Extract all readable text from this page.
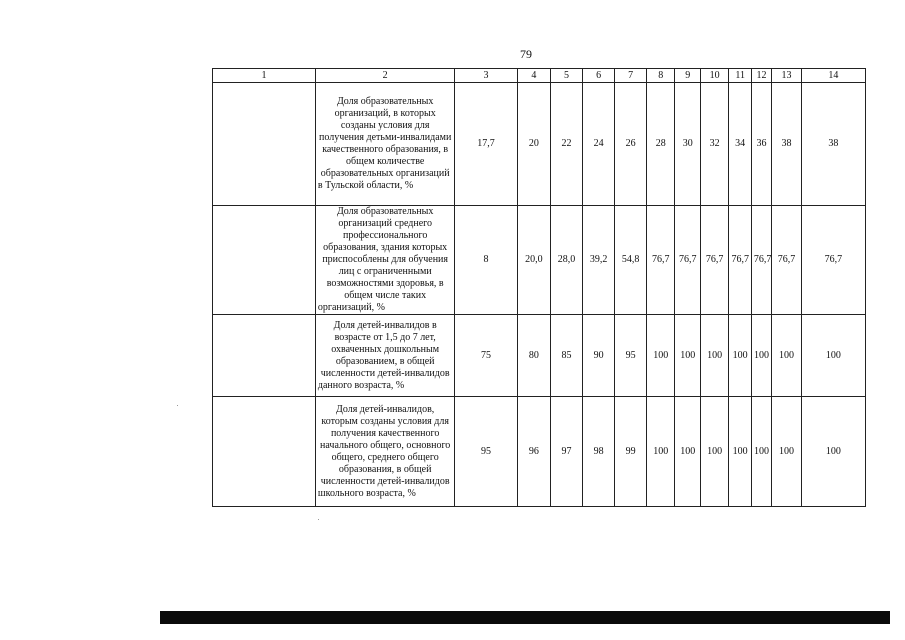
79
1	2	3	4	5	6	7	8	9	10	11	12	13	14
	Доля образовательных организаций, в которых созданы условия для получения детьми-инвалидами качественного образования, в общем количестве образовательных организаций в Тульской области, %	17,7	20	22	24	26	28	30	32	34	36	38	38
	Доля образовательных организаций среднего профессионального образования, здания которых приспособлены для обучения лиц с ограниченными возможностями здоровья, в общем числе таких организаций, %	8	20,0	28,0	39,2	54,8	76,7	76,7	76,7	76,7	76,7	76,7	76,7
	Доля детей-инвалидов в возрасте от 1,5 до 7 лет, охваченных дошкольным образованием, в общей численности детей-инвалидов данного возраста, %	75	80	85	90	95	100	100	100	100	100	100	100
	Доля детей-инвалидов, которым созданы условия для получения качественного начального общего, основного общего, среднего общего образования, в общей численности детей-инвалидов школьного возраста, %	95	96	97	98	99	100	100	100	100	100	100	100
